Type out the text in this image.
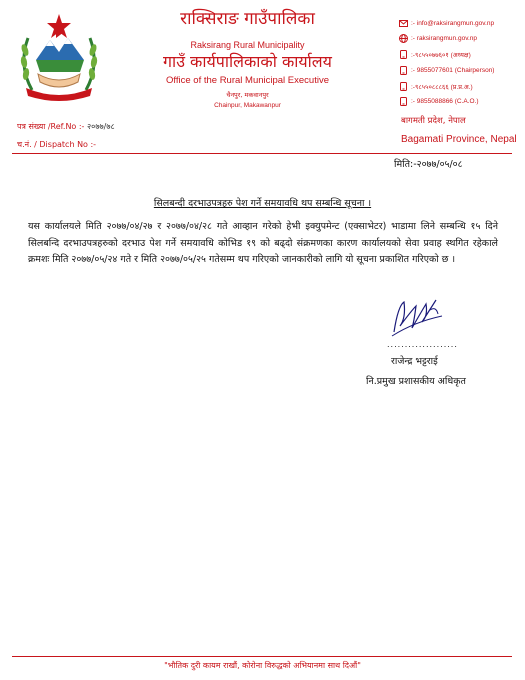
राक्सिराङ गाउँपालिका
Raksirang Rural Municipality
गाउँ कार्यपालिकाको कार्यालय
Office of the Rural Municipal Executive
चैनपुर, मकवानपुर
Chainpur, Makawanpur
:- info@raksirangmun.gov.np
:- raksirangmun.gov.np
:-९८५५०७७६०१ (अध्यक्ष)
:- 9855077601 (Chairperson)
:-९८५५०८८८६६ (प्र.प्र.अ.)
:- 9855088866 (C.A.O.)
बागमती प्रदेश, नेपाल
Bagamati Province, Nepal
पत्र संख्या /Ref.No :- २०७७/७८
च.नं. / Dispatch No :-
मिति:-२०७७/०५/०८
सिलबन्दी दरभाउपत्रहरु पेश गर्ने समयावधि थप सम्बन्धि सूचना ।
यस कार्यालयले मिति २०७७/०४/२७ र २०७७/०४/२८ गते आव्हान गरेको हेभी इक्युपमेन्ट (एक्साभेटर) भाडामा लिने सम्बन्धि १५ दिने सिलबन्दि दरभाउपत्रहरुको दरभाउ पेश गर्ने समयावधि कोभिड १९ को बढ्दो संक्रमणका कारण कार्यालयको सेवा प्रवाह स्थगित रहेकाले क्रमशः मिति २०७७/०५/२४ गते र मिति २०७७/०५/२५ गतेसम्म थप गरिएको जानकारीको लागि यो सूचना प्रकाशित गरिएको छ ।
....................
राजेन्द्र भट्टराई
नि.प्रमुख प्रशासकीय अधिकृत
"भौतिक दुरी कायम राखौं, कोरोना विरुद्धको अभियानमा साथ दिऔं"
